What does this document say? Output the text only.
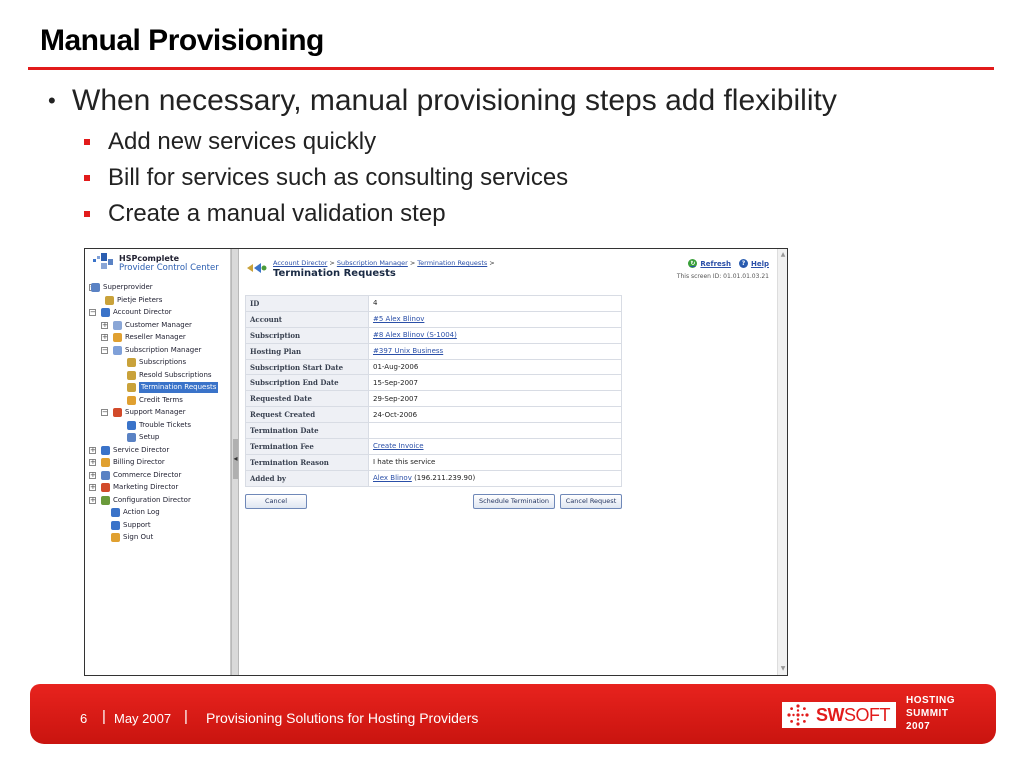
Manual Provisioning
• When necessary, manual provisioning steps add flexibility
Add new services quickly
Bill for services such as consulting services
Create a manual validation step
HSPcomplete
Provider Control Center
Superprovider
Pietje Pieters
− Account Director
+ Customer Manager
+ Reseller Manager
− Subscription Manager
Subscriptions
Resold Subscriptions
Termination Requests
Credit Terms
− Support Manager
Trouble Tickets
Setup
+ Service Director
+ Billing Director
+ Commerce Director
+ Marketing Director
+ Configuration Director
Action Log
Support
Sign Out
◂
Account Director > Subscription Manager > Termination Requests >
Termination Requests
↻ Refresh	? Help
This screen ID: 01.01.01.03.21
ID	4
Account	#5 Alex Blinov
Subscription	#8 Alex Blinov (S-1004)
Hosting Plan	#397 Unix Business
Subscription Start Date	01-Aug-2006
Subscription End Date	15-Sep-2007
Requested Date	29-Sep-2007
Request Created	24-Oct-2006
Termination Date	
Termination Fee	Create Invoice
Termination Reason	I hate this service
Added by	Alex Blinov (196.211.239.90)
Cancel	Schedule Termination	Cancel Request
▲
▼
6 | May 2007 | Provisioning Solutions for Hosting Providers	SW SOFT
HOSTING
SUMMIT
2007
